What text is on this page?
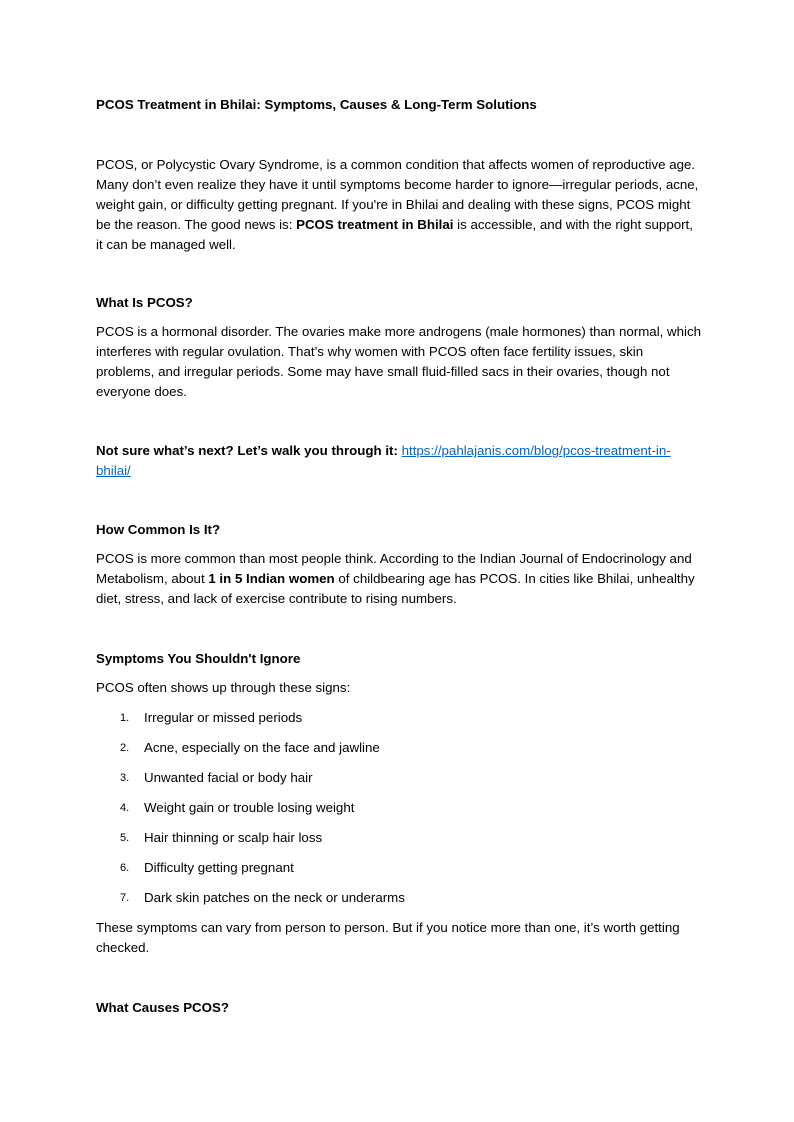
PCOS Treatment in Bhilai: Symptoms, Causes & Long-Term Solutions

PCOS, or Polycystic Ovary Syndrome, is a common condition that affects women of reproductive age. Many don’t even realize they have it until symptoms become harder to ignore—irregular periods, acne, weight gain, or difficulty getting pregnant. If you're in Bhilai and dealing with these signs, PCOS might be the reason. The good news is: PCOS treatment in Bhilai is accessible, and with the right support, it can be managed well.

What Is PCOS?

PCOS is a hormonal disorder. The ovaries make more androgens (male hormones) than normal, which interferes with regular ovulation. That’s why women with PCOS often face fertility issues, skin problems, and irregular periods. Some may have small fluid-filled sacs in their ovaries, though not everyone does.

Not sure what’s next? Let’s walk you through it: https://pahlajanis.com/blog/pcos-treatment-in-bhilai/

How Common Is It?

PCOS is more common than most people think. According to the Indian Journal of Endocrinology and Metabolism, about 1 in 5 Indian women of childbearing age has PCOS. In cities like Bhilai, unhealthy diet, stress, and lack of exercise contribute to rising numbers.

Symptoms You Shouldn't Ignore

PCOS often shows up through these signs:

1. Irregular or missed periods
2. Acne, especially on the face and jawline
3. Unwanted facial or body hair
4. Weight gain or trouble losing weight
5. Hair thinning or scalp hair loss
6. Difficulty getting pregnant
7. Dark skin patches on the neck or underarms

These symptoms can vary from person to person. But if you notice more than one, it’s worth getting checked.

What Causes PCOS?
